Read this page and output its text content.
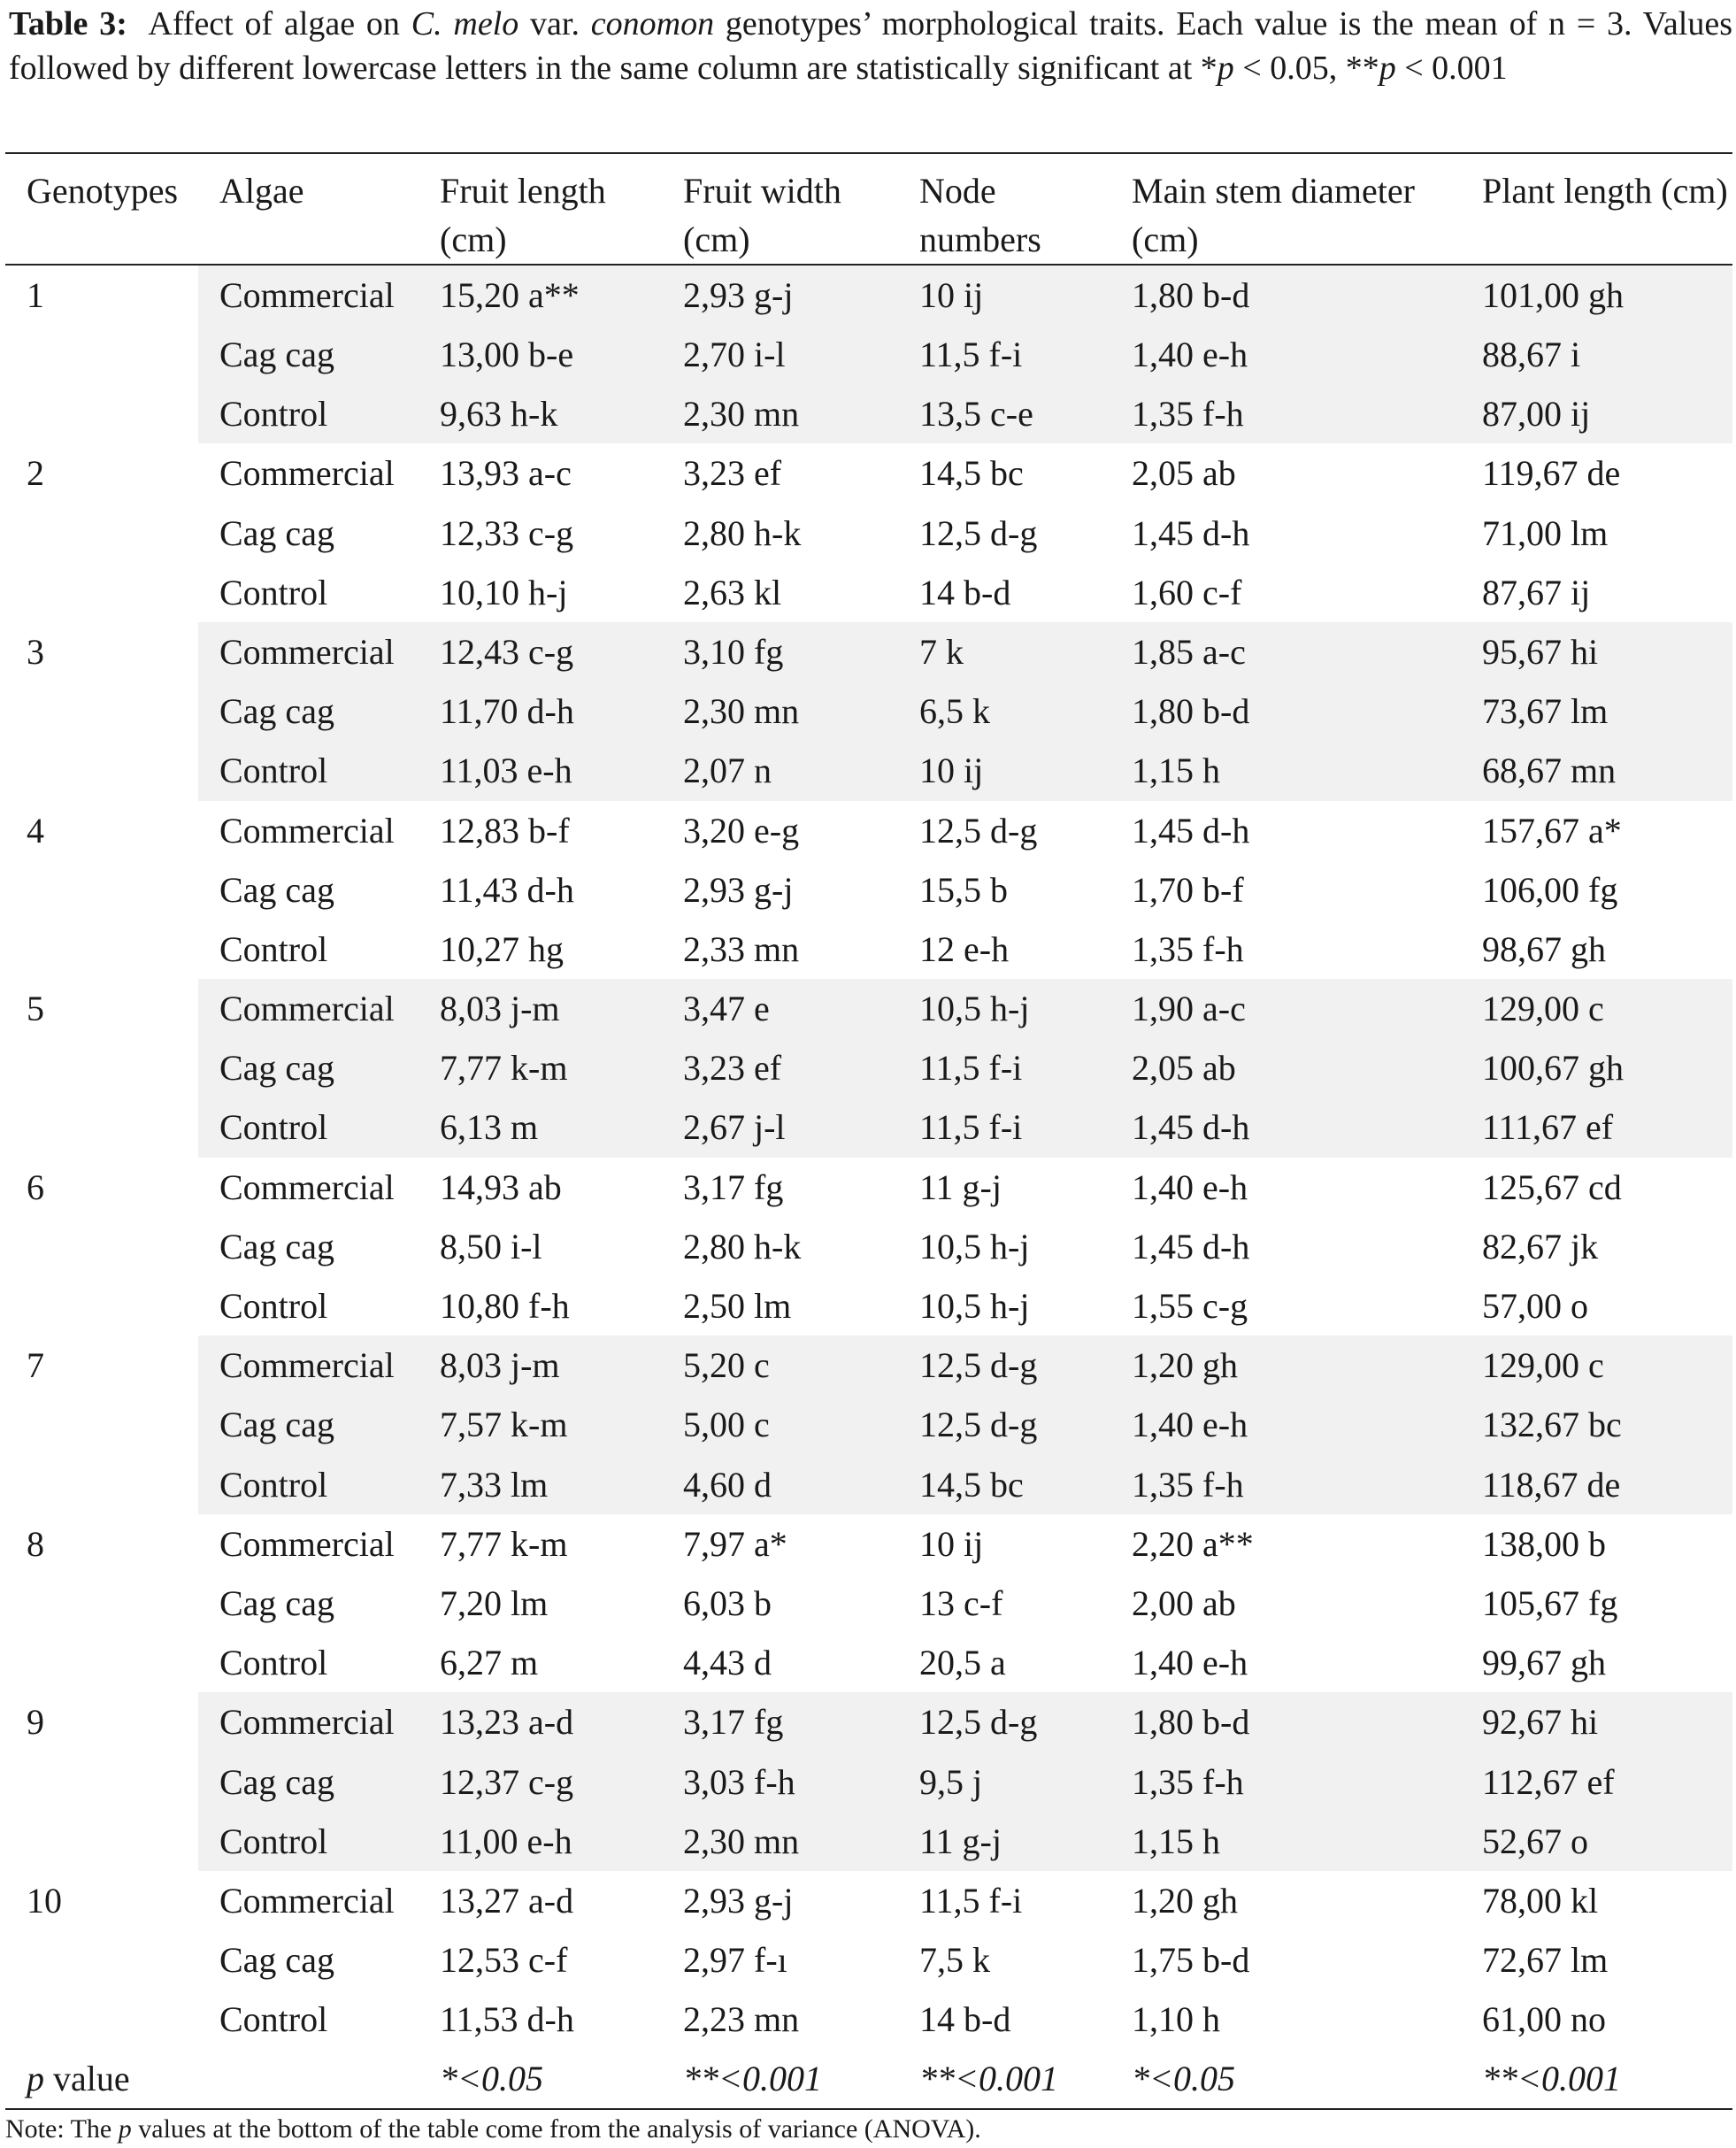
Table 3: Affect of algae on C. melo var. conomon genotypes’ morphological traits. Each value is the mean of n = 3. Values followed by different lowercase letters in the same column are statistically significant at *p < 0.05, **p < 0.001
Genotypes	Algae	Fruit length (cm)	Fruit width (cm)	Node numbers	Main stem diameter (cm)	Plant length (cm)
1	Commercial	15,20 a**	2,93 g-j	10 ij	1,80 b-d	101,00 gh
	Cag cag	13,00 b-e	2,70 i-l	11,5 f-i	1,40 e-h	88,67 i
	Control	9,63 h-k	2,30 mn	13,5 c-e	1,35 f-h	87,00 ij
2	Commercial	13,93 a-c	3,23 ef	14,5 bc	2,05 ab	119,67 de
	Cag cag	12,33 c-g	2,80 h-k	12,5 d-g	1,45 d-h	71,00 lm
	Control	10,10 h-j	2,63 kl	14 b-d	1,60 c-f	87,67 ij
3	Commercial	12,43 c-g	3,10 fg	7 k	1,85 a-c	95,67 hi
	Cag cag	11,70 d-h	2,30 mn	6,5 k	1,80 b-d	73,67 lm
	Control	11,03 e-h	2,07 n	10 ij	1,15 h	68,67 mn
4	Commercial	12,83 b-f	3,20 e-g	12,5 d-g	1,45 d-h	157,67 a*
	Cag cag	11,43 d-h	2,93 g-j	15,5 b	1,70 b-f	106,00 fg
	Control	10,27 hg	2,33 mn	12 e-h	1,35 f-h	98,67 gh
5	Commercial	8,03 j-m	3,47 e	10,5 h-j	1,90 a-c	129,00 c
	Cag cag	7,77 k-m	3,23 ef	11,5 f-i	2,05 ab	100,67 gh
	Control	6,13 m	2,67 j-l	11,5 f-i	1,45 d-h	111,67 ef
6	Commercial	14,93 ab	3,17 fg	11 g-j	1,40 e-h	125,67 cd
	Cag cag	8,50 i-l	2,80 h-k	10,5 h-j	1,45 d-h	82,67 jk
	Control	10,80 f-h	2,50 lm	10,5 h-j	1,55 c-g	57,00 o
7	Commercial	8,03 j-m	5,20 c	12,5 d-g	1,20 gh	129,00 c
	Cag cag	7,57 k-m	5,00 c	12,5 d-g	1,40 e-h	132,67 bc
	Control	7,33 lm	4,60 d	14,5 bc	1,35 f-h	118,67 de
8	Commercial	7,77 k-m	7,97 a*	10 ij	2,20 a**	138,00 b
	Cag cag	7,20 lm	6,03 b	13 c-f	2,00 ab	105,67 fg
	Control	6,27 m	4,43 d	20,5 a	1,40 e-h	99,67 gh
9	Commercial	13,23 a-d	3,17 fg	12,5 d-g	1,80 b-d	92,67 hi
	Cag cag	12,37 c-g	3,03 f-h	9,5 j	1,35 f-h	112,67 ef
	Control	11,00 e-h	2,30 mn	11 g-j	1,15 h	52,67 o
10	Commercial	13,27 a-d	2,93 g-j	11,5 f-i	1,20 gh	78,00 kl
	Cag cag	12,53 c-f	2,97 f-ı	7,5 k	1,75 b-d	72,67 lm
	Control	11,53 d-h	2,23 mn	14 b-d	1,10 h	61,00 no
p value		*<0.05	**<0.001	**<0.001	*<0.05	**<0.001

Note: The p values at the bottom of the table come from the analysis of variance (ANOVA).
